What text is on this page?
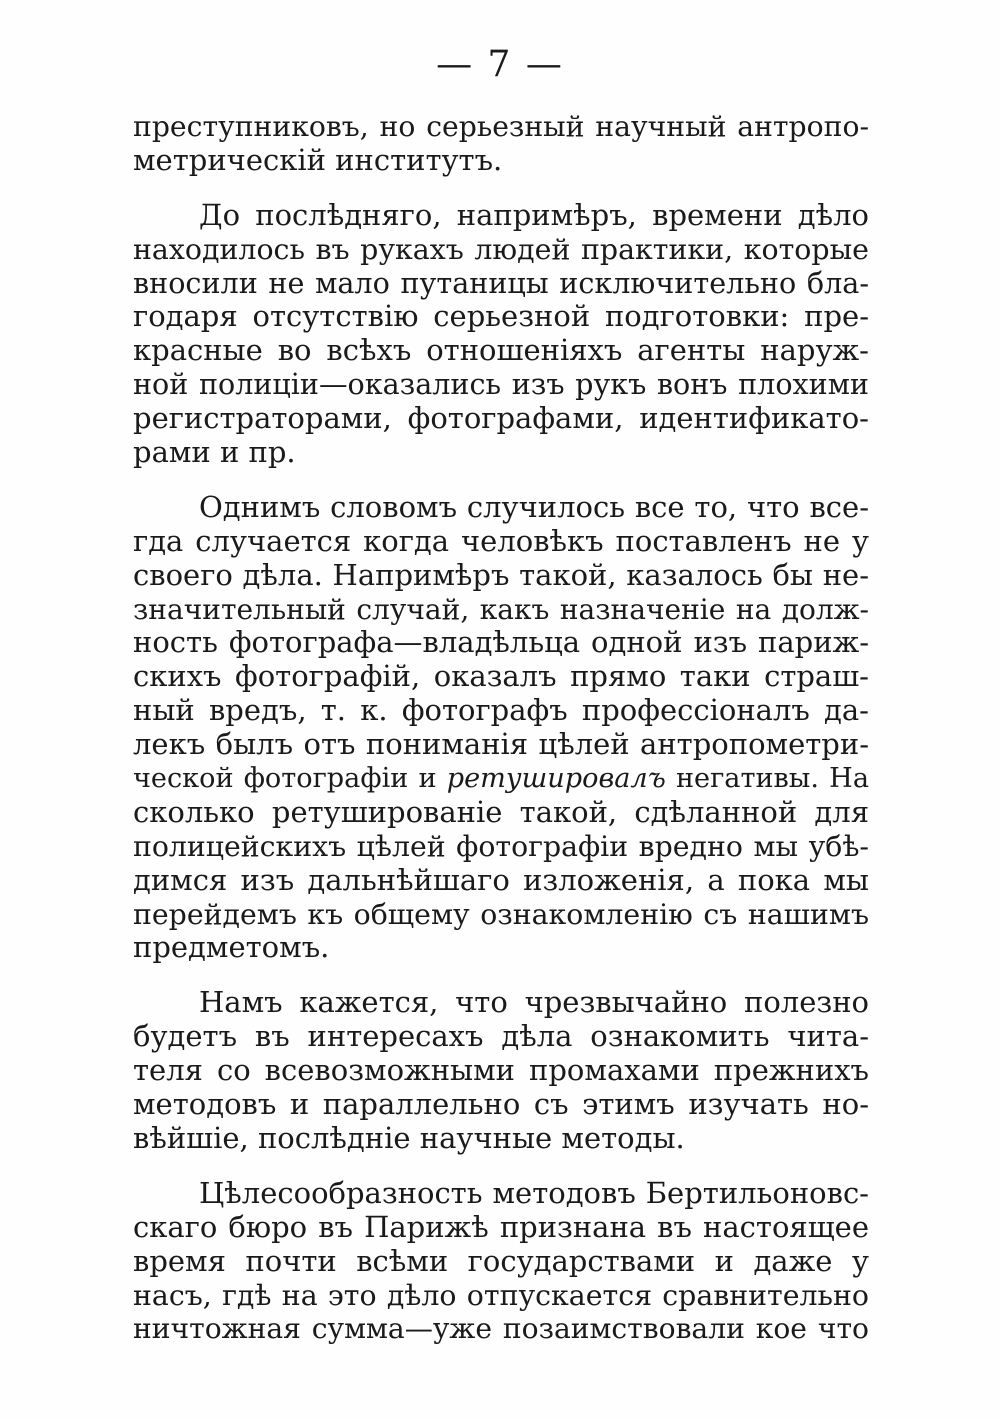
— 7 —
преступниковъ, но серьезный научный антропо-
метрическій институтъ.
До послѣдняго, напримѣръ, времени дѣло
находилось въ рукахъ людей практики, которые
вносили не мало путаницы исключительно бла-
годаря отсутствію серьезной подготовки: пре-
красные во всѣхъ отношеніяхъ агенты наруж-
ной полиціи—оказались изъ рукъ вонъ плохими
регистраторами, фотографами, идентификато-
рами и пр.
Однимъ словомъ случилось все то, что все-
гда случается когда человѣкъ поставленъ не у
своего дѣла. Напримѣръ такой, казалось бы не-
значительный случай, какъ назначеніе на долж-
ность фотографа—владѣльца одной изъ париж-
скихъ фотографій, оказалъ прямо таки страш-
ный вредъ, т. к. фотографъ профессіоналъ да-
лекъ былъ отъ пониманія цѣлей антропометри-
ческой фотографіи и ретушировалъ негативы. На
сколько ретушированіе такой, сдѣланной для
полицейскихъ цѣлей фотографіи вредно мы убѣ-
димся изъ дальнѣйшаго изложенія, а пока мы
перейдемъ къ общему ознакомленію съ нашимъ
предметомъ.
Намъ кажется, что чрезвычайно полезно
будетъ въ интересахъ дѣла ознакомить чита-
теля со всевозможными промахами прежнихъ
методовъ и параллельно съ этимъ изучать но-
вѣйшіе, послѣдніе научные методы.
Цѣлесообразность методовъ Бертильоновс-
скаго бюро въ Парижѣ признана въ настоящее
время почти всѣми государствами и даже у
насъ, гдѣ на это дѣло отпускается сравнительно
ничтожная сумма—уже позаимствовали кое что
